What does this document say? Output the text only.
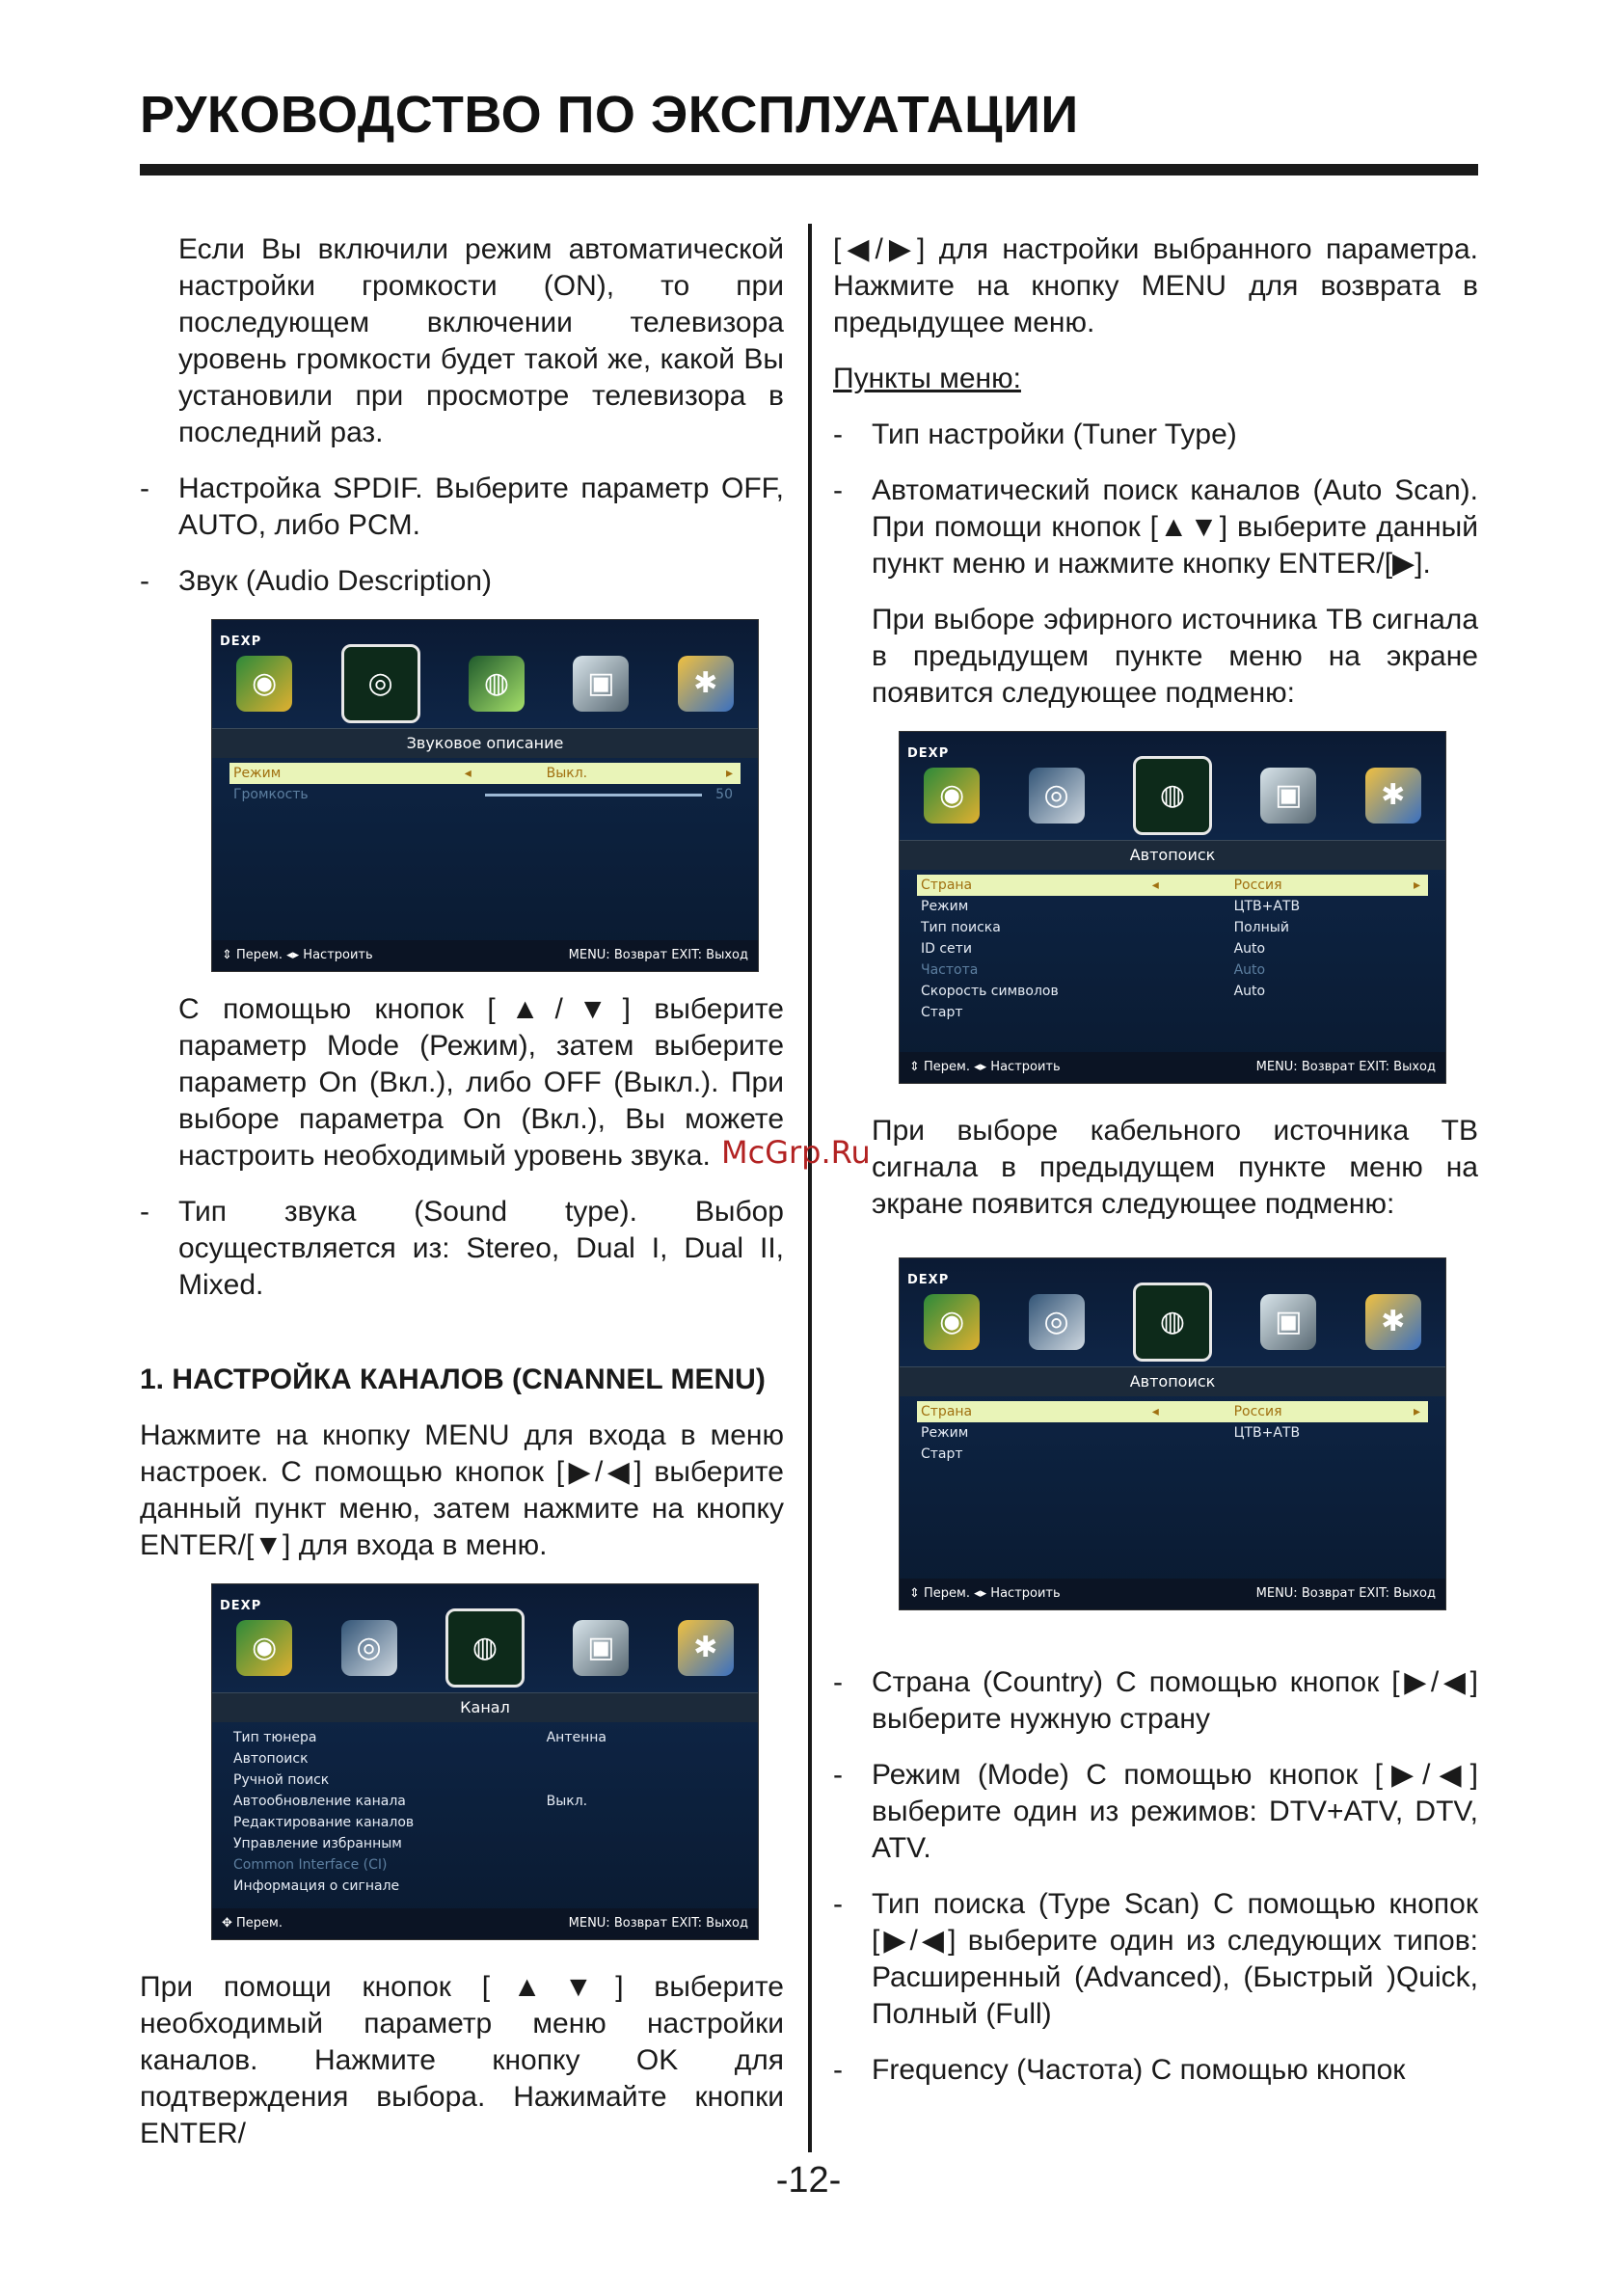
РУКОВОДСТВО ПО ЭКСПЛУАТАЦИИ

Если Вы включили режим автоматической настройки громкости (ON), то при последующем включении телевизора уровень громкости будет такой же, какой Вы установили при просмотре телевизора в последний раз.

- Настройка SPDIF. Выберите параметр OFF, AUTO, либо PCM.

- Звук (Audio Description)

DEXP
◉	◎	◍	▣	✱
Звуковое описание
Режим	◂	Выкл.	▸
Громкость	50
⇕ Перем. ◂▸ Настроить	MENU: Возврат EXIT: Выход

С помощью кнопок [▲/▼] выберите параметр Mode (Режим), затем выберите параметр On (Вкл.), либо OFF (Выкл.). При выборе параметра On (Вкл.), Вы можете настроить необходимый уровень звука.

- Тип звука (Sound type). Выбор осуществляется из: Stereo, Dual I, Dual II, Mixed.

1. НАСТРОЙКА КАНАЛОВ (CNANNEL MENU)

Нажмите на кнопку MENU для входа в меню настроек. С помощью кнопок [▶/◀] выберите данный пункт меню, затем нажмите на кнопку ENTER/[▼] для входа в меню.

DEXP
◉	◎	◍	▣	✱
Канал
Тип тюнера	Антенна
Автопоиск
Ручной поиск
Автообновление канала	Выкл.
Редактирование каналов
Управление избранным
Common Interface (CI)
Информация о сигнале
✥ Перем.	MENU: Возврат EXIT: Выход

При помощи кнопок [▲▼] выберите необходимый параметр меню настройки каналов. Нажмите кнопку OK для подтверждения выбора. Нажимайте кнопки ENTER/

[◀/▶] для настройки выбранного параметра. Нажмите на кнопку MENU для возврата в предыдущее меню.

Пункты меню:

- Тип настройки (Tuner Type)

- Автоматический поиск каналов (Auto Scan). При помощи кнопок [▲▼] выберите данный пункт меню и нажмите кнопку ENTER/[▶].

При выборе эфирного источника ТВ сигнала в предыдущем пункте меню на экране появится следующее подменю:

DEXP
◉	◎	◍	▣	✱
Автопоиск
Страна	◂	Россия	▸
Режим	ЦТВ+АТВ
Тип поиска	Полный
ID сети	Auto
Частота	Auto
Скорость символов	Auto
Старт
⇕ Перем. ◂▸ Настроить	MENU: Возврат EXIT: Выход

При выборе кабельного источника ТВ сигнала в предыдущем пункте меню на экране появится следующее подменю:

DEXP
◉	◎	◍	▣	✱
Автопоиск
Страна	◂	Россия	▸
Режим	ЦТВ+АТВ
Старт
⇕ Перем. ◂▸ Настроить	MENU: Возврат EXIT: Выход

- Страна (Country) С помощью кнопок [▶/◀] выберите нужную страну

- Режим (Mode) С помощью кнопок [▶/◀] выберите один из режимов: DTV+ATV, DTV, ATV.

- Тип поиска (Type Scan) С помощью кнопок [▶/◀] выберите один из следующих типов: Расширенный (Advanced), (Быстрый )Quick, Полный (Full)

- Frequency (Частота) С помощью кнопок

McGrp.Ru
-12-
